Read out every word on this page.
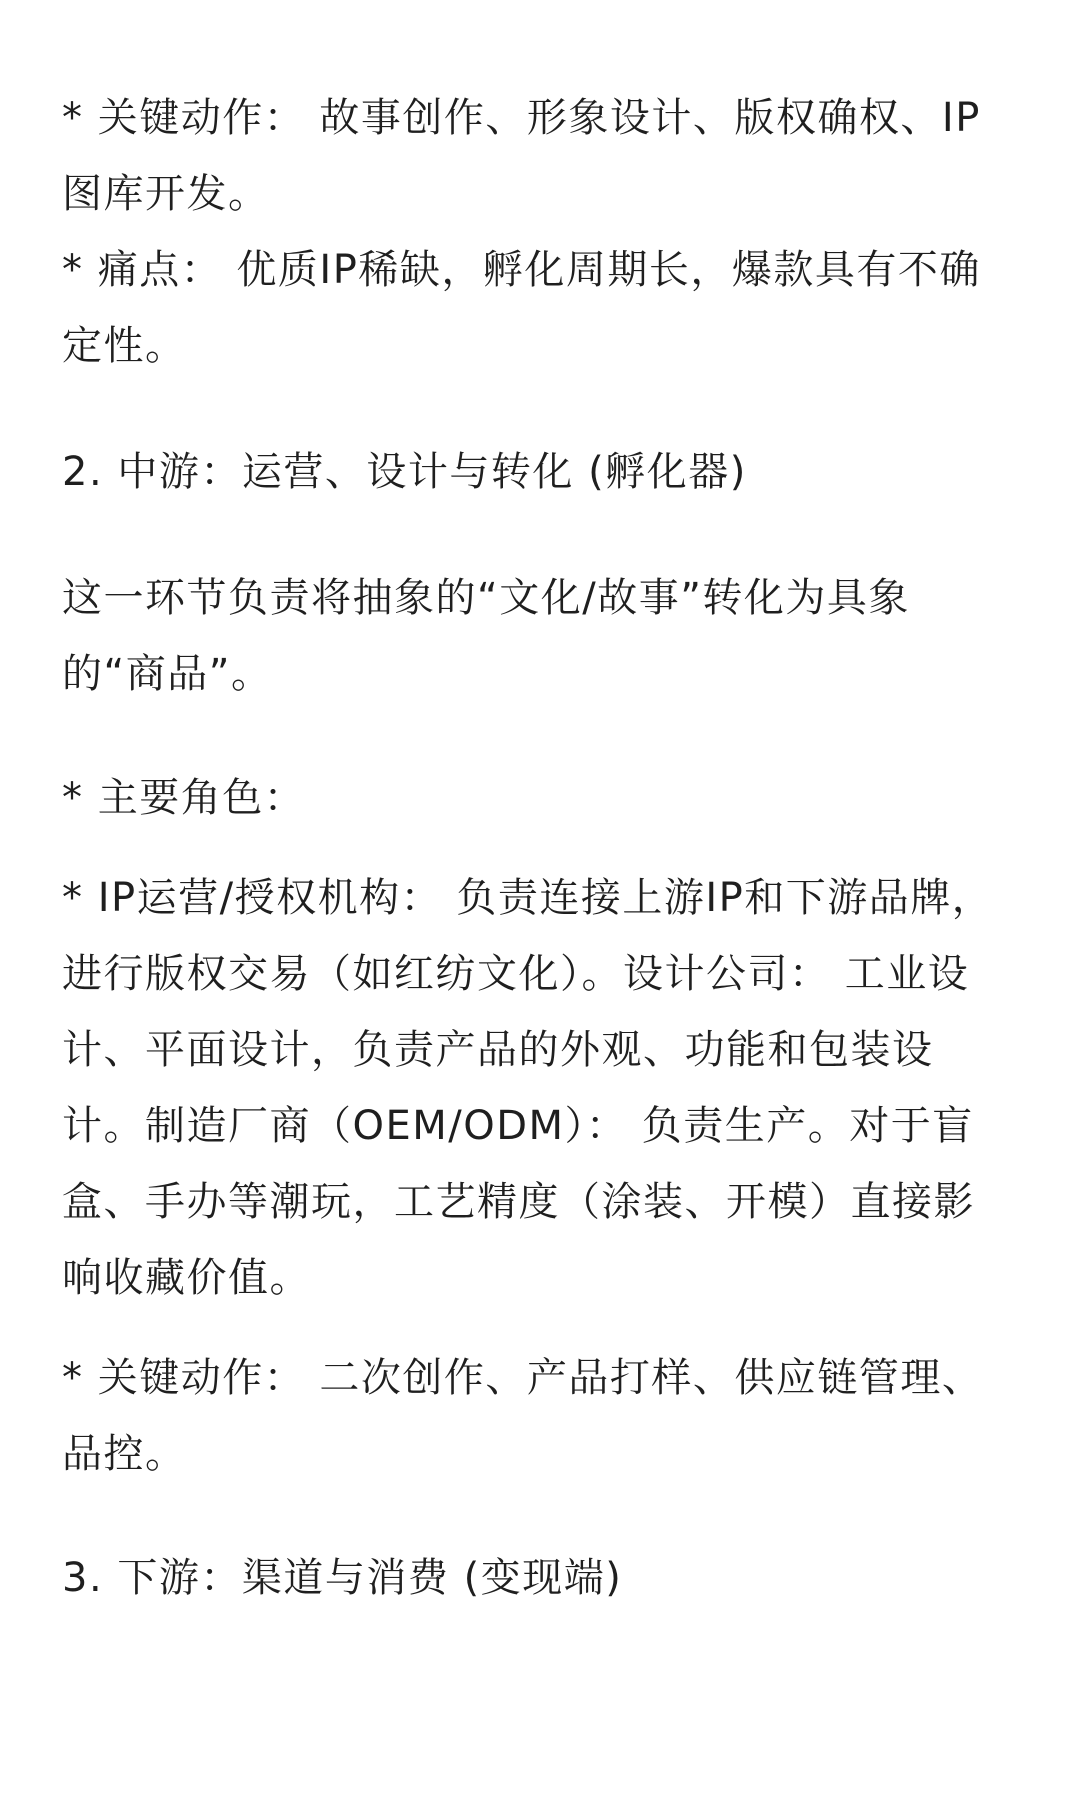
* 关键动作： 故事创作、形象设计、版权确权、IP
图库开发。
* 痛点： 优质IP稀缺，孵化周期长，爆款具有不确
定性。
2. 中游：运营、设计与转化 (孵化器)
这一环节负责将抽象的“文化/故事”转化为具象
的“商品”。
* 主要角色：
* IP运营/授权机构： 负责连接上游IP和下游品牌，
进行版权交易（如红纺文化）。设计公司： 工业设
计、平面设计，负责产品的外观、功能和包装设
计。制造厂商（OEM/ODM）： 负责生产。对于盲
盒、手办等潮玩，工艺精度（涂装、开模）直接影
响收藏价值。
* 关键动作： 二次创作、产品打样、供应链管理、
品控。
3. 下游：渠道与消费 (变现端)
